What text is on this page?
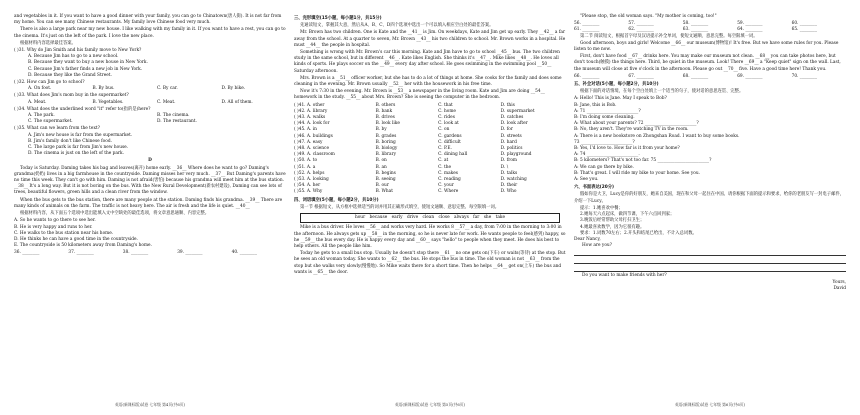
and vegetables in it. If you want to have a good dinner with your family, you can go to Chinatown(唐人街). It is not far from my home. You can see many Chinese restaurants. My family love Chinese food very much.

There is also a large park near my new house. I like walking with my family in it. If you want to have a rest, you can go to the cinema. It's just on the left of the park. I love the new place.

根据材料内容选择最佳答案。

( )31. Why do Jim Smith and his family move to New York?
A. Because Jim has to go to a new school.
B. Because they want to buy a new house in New York.
C. Because Jim's father finds a new job in New York.
D. Because they like the Grand Street.
( )32. How can Jim go to school?
A. On foot.	B. By bus.	C. By car.	D. By bike.
( )33. What does Jim's mom buy in the supermarket?
A. Meat.	B. Vegetables.	C. Meat.	D. All of them.
( )34. What does the underlined word "it" refer to(指的是)here?
A. The park.	B. The cinema.
C. The supermarket.	D. The restaurant.
( )35. What can we learn from the text?
A. Jim's new house is far from the supermarket.
B. Jim's family don't like Chinese food.
C. The large park is far from Jim's new house.
D. The cinema is just on the left of the park.
D

Today is Saturday. Daming takes his bag and leaves(离开) home early. __36__ Where does he want to go? Daming's grandma(奶奶) lives in a big farmhouse in the countryside. Daming misses her very much. __37__ But Daming's parents have no time this week. They can't go with him. Daming is not afraid(害怕) because his grandma will meet him at the bus station. __38__ It's a long way. But it is not boring on the bus. With the New Rural Development(新农村建设), Daming can see lots of trees, beautiful flowers, green hills and a clean river from the window.

When the bus gets to the bus station, there are many people at the station. Daming finds his grandma. __39__ There are many kinds of animals on the farm. The traffic is not heavy here. The air is fresh and the life is quiet. __40__

根据材料内容，从下面五个选项中选出能填入文中空缺处的最佳选项，将文章意思通顺、内容完整。

A. So he wants to go there to see her.
B. He is very happy and runs to her.
C. He walks to the bus station near his home.
D. He thinks he can have a good time in the countryside.
E. The countryside is 50 kilometers away from Daming's home.
36. ________	37. ________	38. ________	39. ________	40. ________
三、完形填空(15小题，每小题1分，共15分)

先通读短文，掌握其大意，然后从A、B、C、D四个选项中选出一个可以填入相应空白处的最佳答案。

Mr. Brown has two children. One is Kate and the __41__ is Jim. On weekdays, Kate and Jim get up early. They __42__ a far away from the school. At a quarter to seven, Mr. Brown __43__ his two children to school. Mr. Brown works in a hospital. He must __44__ the people in hospital.

Something is wrong with Mr. Brown's car this morning. Kate and Jim have to go to school __45__ bus. The two children study in the same school, but in different __46__. Kate likes English. She thinks it's __47__. Mike likes __48__. He loves all kinds of sports. He plays soccer on the __49__ every day after school. He goes swimming in the swimming pool __50__ Saturday afternoon.

Mrs. Brown is a __51__ officer worker, but she has to do a lot of things at home. She cooks for the family and does some cleaning in the evening. Mr. Brown usually __52__ her with the housework in his free time.

Now it's 7:30 in the evening. Mr. Brown is __53__ a newspaper in the living room. Kate and Jim are doing __54__ homework in the study. __55__ about Mrs. Brown? She is seeing the computer in the bedroom.

( )41. A. other	B. others	C. that	D. this
( )42. A. library	B. bank	C. home	D. supermarket
( )43. A. walks	B. drives	C. rides	D. catches
( )44. A. look for	B. look like	C. look at	D. look after
( )45. A. in	B. by	C. on	D. for
( )46. A. buildings	B. grades	C. gardens	D. streets
( )47. A. easy	B. boring	C. difficult	D. hard
( )48. A. science	B. biology	C. P.E.	D. politics
( )49. A. classroom	B. library	C. dining hall	D. playground
( )50. A. to	B. on	C. at	D. from
( )51. A. a	B. an	C. the	D. \
( )52. A. helps	B. begins	C. makes	D. talks
( )53. A. looking	B. seeing	C. reading	D. watching
( )54. A. her	B. our	C. your	D. their
( )55. A. Why	B. What	C. Where	D. Who
四、词语填空(5小题，每小题2分，共10分)

第一节 根据短文，从方框中选择适当的词并用其正确形式填空，使短文通顺、意思完整。每空限填一词。

hour because early drive clean close always far she take

Mike is a bus driver. He loves __56__ and works very hard. He works 8 __57__ a day, from 7:00 in the morning to 3:00 in the afternoon. He always gets up __58__ in the morning, so he is never late for work. He wants people to feel(感到) happy, so he __59__ the bus every day. He is happy every day and __60__ says "hello" to people when they meet. He does his best to help others. All the people like him.

Today he gets to a small bus stop. Usually he doesn't stop there __61__ no one gets on(下车) or waits(等待) at the stop. But he sees an old woman today. She wants to __62__ the bus. He stops the bus in time. The old woman is not __63__ from the stop but she walks very slowly(慢慢地). So Mike waits there for a short time. Then he helps __64__ get on(上车) the bus and wants is __65__ the door.

"Please stop, the old woman says. "My mother is coming, too!"

56. ________	57. ________	58. ________	59. ________	60. ________
61. ________	62. ________	63. ________	64. ________	65. ________

第二节 阅读短文，根据首字母及汉语提示补全单词，使短文通顺、意思完整。每空限填一词。

Good afternoon, boys and girls! Welcome __66__ our museum(博物馆)! It's free. But we have some rules for you. Please listen to me now.

First, don't have food __67__ drinks here. You may make our museum not clean. __68__ you can take photos here, but don't touch(触摸) the things here. Third, be quiet in the museum. Look! There __69__ a "Keep quiet" sign on the wall. Last, the museum will close at five o'clock in the afternoon. Please go out __70__ five. Have a good time here! Thank you.

66. ________	67. ________	68. ________	69. ________	70. ________
五、补全对话(5小题，每小题2分，共10分)

根据下面的对话情境，在每个空白处填上一个适当的句子，使对话的意思连贯、完整。

A: Hello! This is Jane. May I speak to Bob?
B: Jane, this is Bob.
A: 71 ________________________?
B: I'm doing some cleaning.
A: What about your parents? 72 ________________________?
B: No, they aren't. They're watching TV in the room.
A: There is a new bookstore on Zhongshan Road. I want to buy some books.
73 ________________________?
B: Yes, I'd love to. How far is it from your home?
A: 74 ________________________.
B: 5 kilometers? That's not too far. 75 ________________________?
A: We can go there by bike.
B: That's great. I will ride my bike to your home. See you.
A: See you.
六、书面表达(20分)

假如你是大卫，Lucy是你的好朋友，她来自美国，现在和父母一起住在中国。请你根据下面的提示和要求，给你的老朋友写一封电子邮件，介绍一下Lucy。

提示：1.她喜欢中餐；
2.她每天六点起床，做四节课，下午六点回到家；
3.晚饭后经常帮助父母打扫卫生；
4.她最喜欢数学，因为它很有趣。
要求：1.词数70左右；2.开头和结尾已给出，不计入总词数。
Dear Nancy,
How are you?
Do you want to make friends with her?
Yours,
David
英语(新课标版)试卷 七年级 第4页(共6页)	英语(新课标版)试卷 七年级 第5页(共6页)	英语(新课标版)试卷 七年级 第6页(共6页)
